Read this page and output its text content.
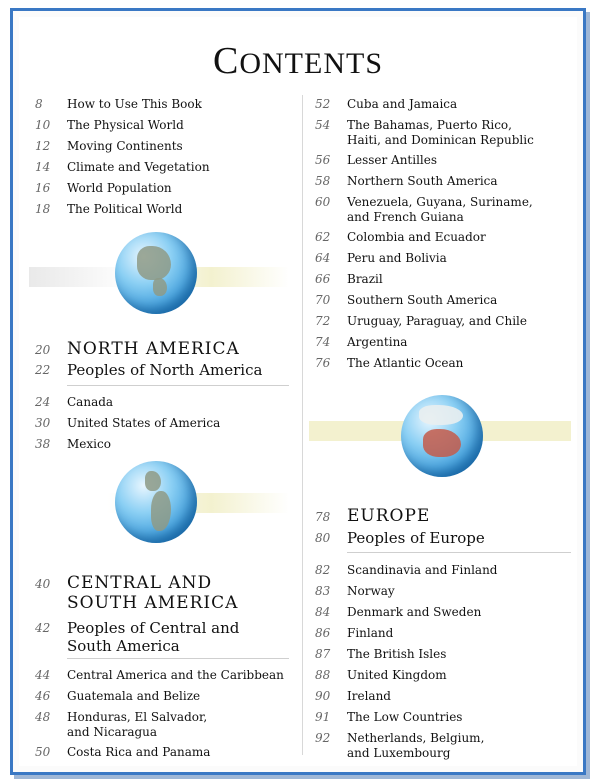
CONTENTS
8	How to Use This Book
10	The Physical World
12	Moving Continents
14	Climate and Vegetation
16	World Population
18	The Political World
20 NORTH AMERICA
22	Peoples of North America
24	Canada
30	United States of America
38	Mexico
40 CENTRAL AND
SOUTH AMERICA
42	Peoples of Central and
South America
44	Central America and the Caribbean
46	Guatemala and Belize
48	Honduras, El Salvador,
and Nicaragua
50	Costa Rica and Panama
52	Cuba and Jamaica
54	The Bahamas, Puerto Rico,
Haiti, and Dominican Republic
56	Lesser Antilles
58	Northern South America
60	Venezuela, Guyana, Suriname,
and French Guiana
62	Colombia and Ecuador
64	Peru and Bolivia
66	Brazil
70	Southern South America
72	Uruguay, Paraguay, and Chile
74	Argentina
76	The Atlantic Ocean
78 EUROPE
80	Peoples of Europe
82	Scandinavia and Finland
83	Norway
84	Denmark and Sweden
86	Finland
87	The British Isles
88	United Kingdom
90	Ireland
91	The Low Countries
92	Netherlands, Belgium,
and Luxembourg
